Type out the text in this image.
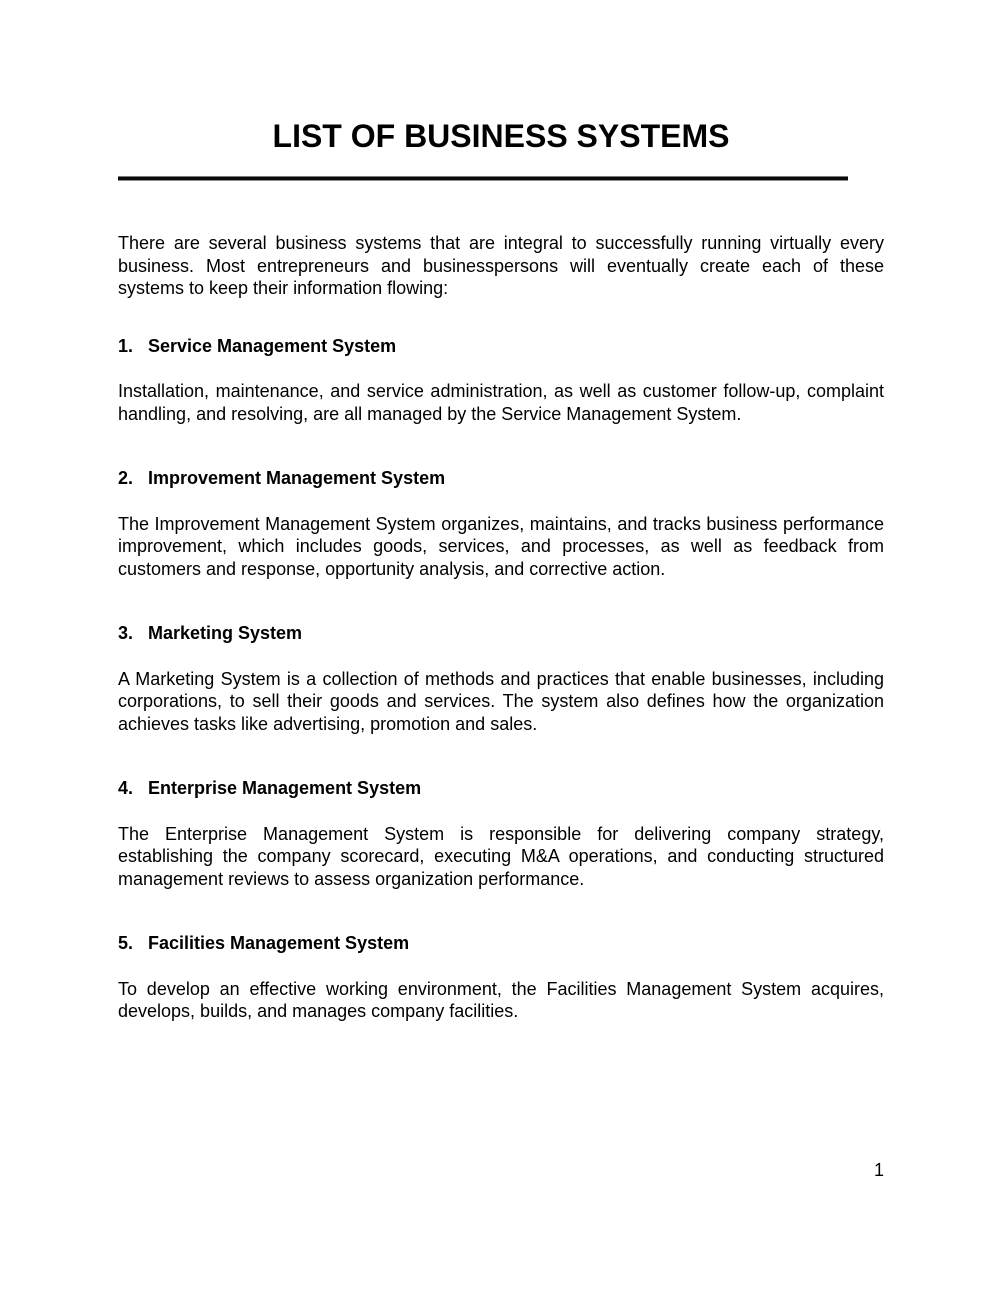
LIST OF BUSINESS SYSTEMS

There are several business systems that are integral to successfully running virtually every business. Most entrepreneurs and businesspersons will eventually create each of these systems to keep their information flowing:

1. Service Management System

Installation, maintenance, and service administration, as well as customer follow-up, complaint handling, and resolving, are all managed by the Service Management System.

2. Improvement Management System

The Improvement Management System organizes, maintains, and tracks business performance improvement, which includes goods, services, and processes, as well as feedback from customers and response, opportunity analysis, and corrective action.

3. Marketing System

A Marketing System is a collection of methods and practices that enable businesses, including corporations, to sell their goods and services. The system also defines how the organization achieves tasks like advertising, promotion and sales.

4. Enterprise Management System

The Enterprise Management System is responsible for delivering company strategy, establishing the company scorecard, executing M&A operations, and conducting structured management reviews to assess organization performance.

5. Facilities Management System

To develop an effective working environment, the Facilities Management System acquires, develops, builds, and manages company facilities.

1
